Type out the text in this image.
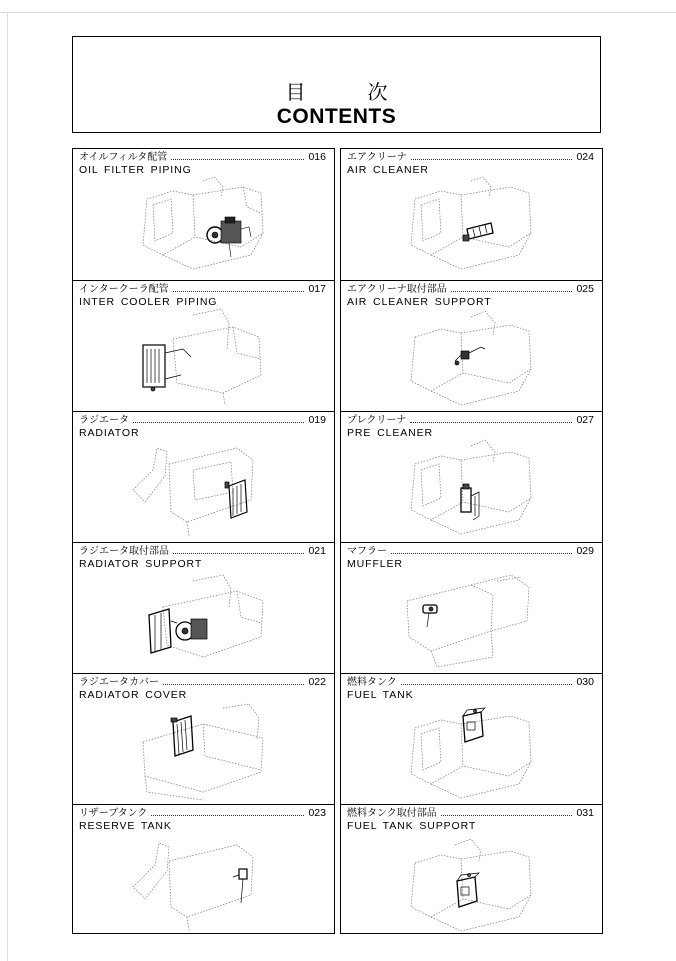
目次
CONTENTS
オイルフィルタ配管	016
OIL FILTER PIPING
インタークーラ配管	017
INTER COOLER PIPING
ラジエータ	019
RADIATOR
ラジエータ取付部品	021
RADIATOR SUPPORT
ラジエータカバー	022
RADIATOR COVER
リザーブタンク	023
RESERVE TANK
エアクリーナ	024
AIR CLEANER
エアクリーナ取付部品	025
AIR CLEANER SUPPORT
プレクリーナ	027
PRE CLEANER
マフラー	029
MUFFLER
燃料タンク	030
FUEL TANK
燃料タンク取付部品	031
FUEL TANK SUPPORT
